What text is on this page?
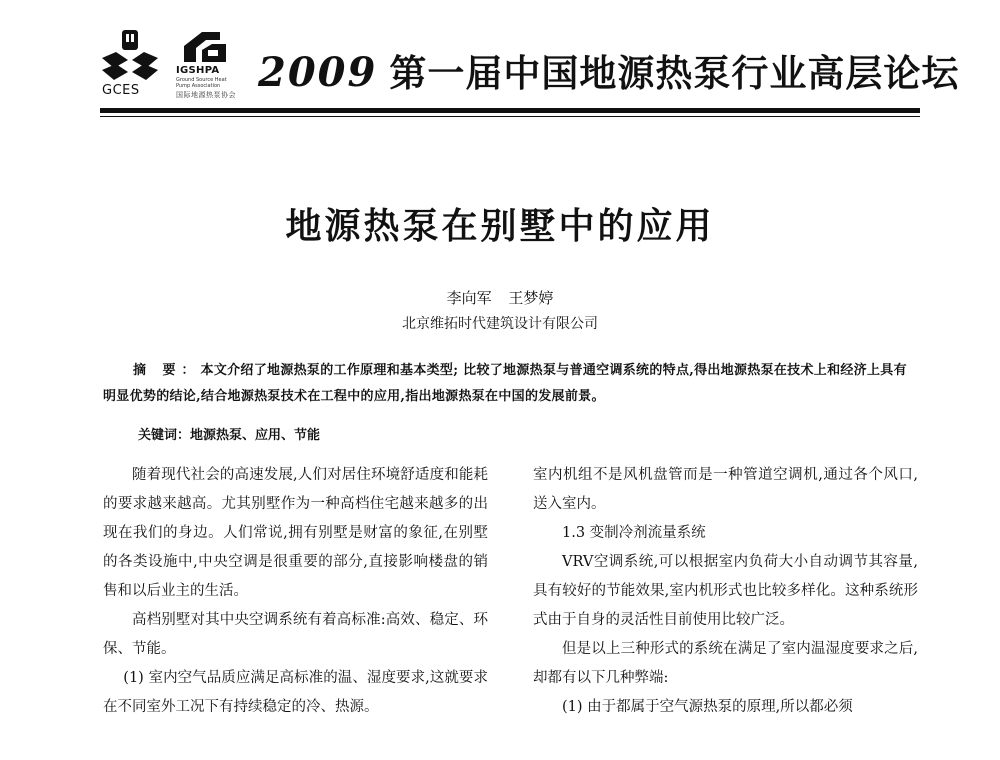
GCES
IGSHPA
Ground Source Heat Pump Association
国际地源热泵协会 2009 第一届中国地源热泵行业高层论坛
地源热泵在别墅中的应用
李向军 王梦婷
北京维拓时代建筑设计有限公司
摘 要：本文介绍了地源热泵的工作原理和基本类型; 比较了地源热泵与普通空调系统的特点,得出地源热泵在技术上和经济上具有明显优势的结论,结合地源热泵技术在工程中的应用,指出地源热泵在中国的发展前景。
关键词：地源热泵、应用、节能

随着现代社会的高速发展,人们对居住环境舒适度和能耗的要求越来越高。尤其别墅作为一种高档住宅越来越多的出现在我们的身边。人们常说,拥有别墅是财富的象征,在别墅的各类设施中,中央空调是很重要的部分,直接影响楼盘的销售和以后业主的生活。

高档别墅对其中央空调系统有着高标准:高效、稳定、环保、节能。

(1) 室内空气品质应满足高标准的温、湿度要求,这就要求在不同室外工况下有持续稳定的冷、热源。

室内机组不是风机盘管而是一种管道空调机,通过各个风口,送入室内。

1.3 变制冷剂流量系统

VRV空调系统,可以根据室内负荷大小自动调节其容量,具有较好的节能效果,室内机形式也比较多样化。这种系统形式由于自身的灵活性目前使用比较广泛。

但是以上三种形式的系统在满足了室内温湿度要求之后,却都有以下几种弊端:

(1) 由于都属于空气源热泵的原理,所以都必须
